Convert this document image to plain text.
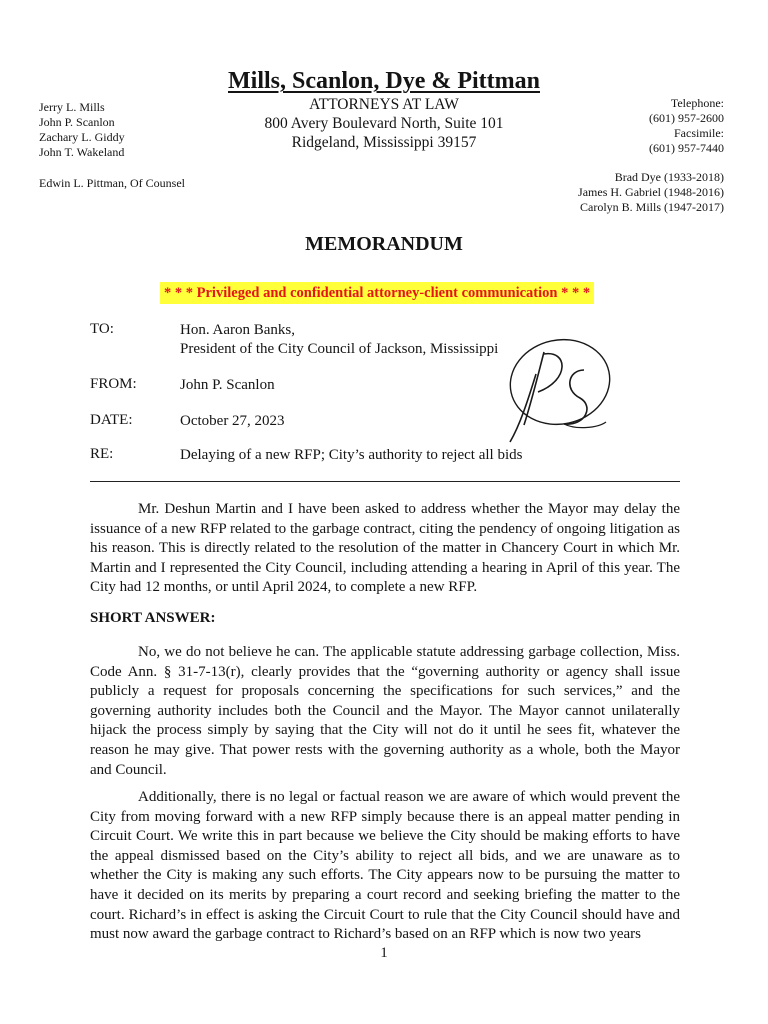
Mills, Scanlon, Dye & Pittman
ATTORNEYS AT LAW
800 Avery Boulevard North, Suite 101
Ridgeland, Mississippi 39157
Jerry L. Mills
John P. Scanlon
Zachary L. Giddy
John T. Wakeland
Edwin L. Pittman, Of Counsel
Telephone:
(601) 957-2600
Facsimile:
(601) 957-7440
Brad Dye (1933-2018)
James H. Gabriel (1948-2016)
Carolyn B. Mills (1947-2017)
MEMORANDUM
* * * Privileged and confidential attorney-client communication * * *
TO:	Hon. Aaron Banks,
President of the City Council of Jackson, Mississippi
FROM:	John P. Scanlon
DATE:	October 27, 2023
RE:	Delaying of a new RFP; City’s authority to reject all bids
Mr. Deshun Martin and I have been asked to address whether the Mayor may delay the issuance of a new RFP related to the garbage contract, citing the pendency of ongoing litigation as his reason. This is directly related to the resolution of the matter in Chancery Court in which Mr. Martin and I represented the City Council, including attending a hearing in April of this year. The City had 12 months, or until April 2024, to complete a new RFP.
SHORT ANSWER:
No, we do not believe he can. The applicable statute addressing garbage collection, Miss. Code Ann. § 31-7-13(r), clearly provides that the “governing authority or agency shall issue publicly a request for proposals concerning the specifications for such services,” and the governing authority includes both the Council and the Mayor. The Mayor cannot unilaterally hijack the process simply by saying that the City will not do it until he sees fit, whatever the reason he may give. That power rests with the governing authority as a whole, both the Mayor and Council.
Additionally, there is no legal or factual reason we are aware of which would prevent the City from moving forward with a new RFP simply because there is an appeal matter pending in Circuit Court. We write this in part because we believe the City should be making efforts to have the appeal dismissed based on the City’s ability to reject all bids, and we are unaware as to whether the City is making any such efforts. The City appears now to be pursuing the matter to have it decided on its merits by preparing a court record and seeking briefing the matter to the court. Richard’s in effect is asking the Circuit Court to rule that the City Council should have and must now award the garbage contract to Richard’s based on an RFP which is now two years
1
